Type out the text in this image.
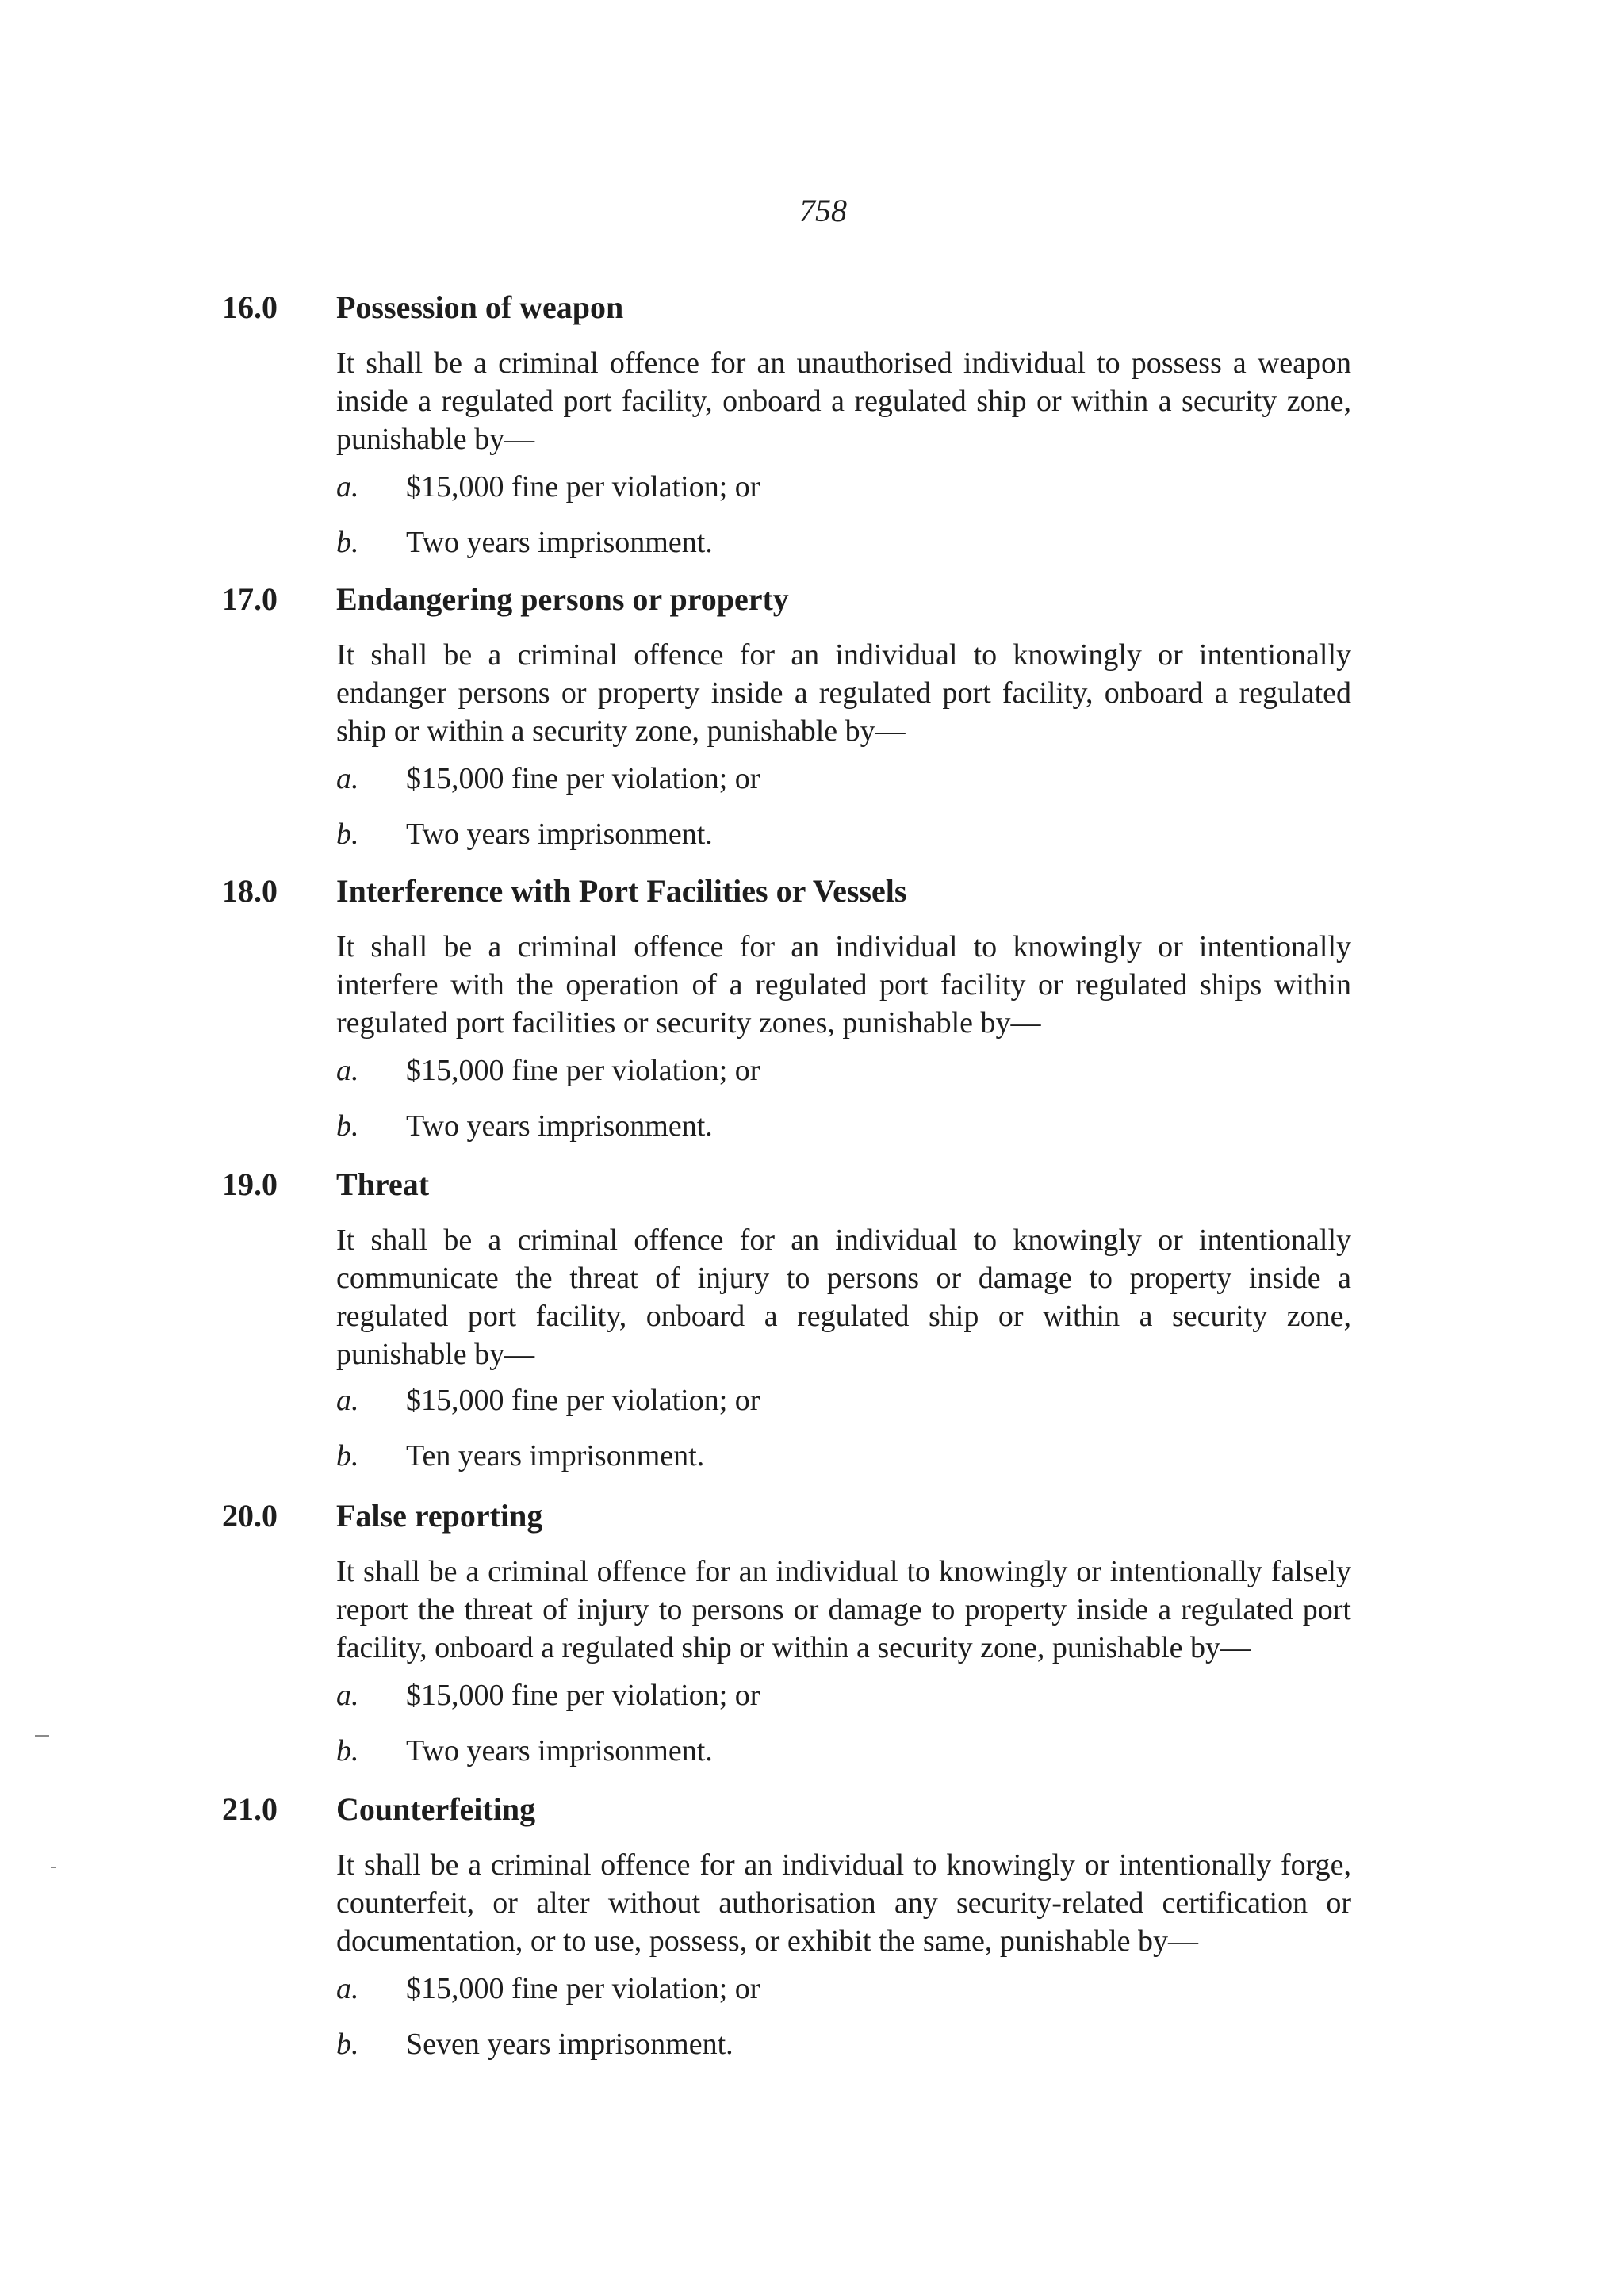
758
16.0 Possession of weapon

It shall be a criminal offence for an unauthorised individual to possess a weapon inside a regulated port facility, onboard a regulated ship or within a security zone, punishable by—

a. $15,000 fine per violation; or
b. Two years imprisonment.
17.0 Endangering persons or property

It shall be a criminal offence for an individual to knowingly or intentionally endanger persons or property inside a regulated port facility, onboard a regulated ship or within a security zone, punishable by—

a. $15,000 fine per violation; or
b. Two years imprisonment.
18.0 Interference with Port Facilities or Vessels

It shall be a criminal offence for an individual to knowingly or intentionally interfere with the operation of a regulated port facility or regulated ships within regulated port facilities or security zones, punishable by—

a. $15,000 fine per violation; or
b. Two years imprisonment.
19.0 Threat

It shall be a criminal offence for an individual to knowingly or intentionally communicate the threat of injury to persons or damage to property inside a regulated port facility, onboard a regulated ship or within a security zone, punishable by—

a. $15,000 fine per violation; or
b. Ten years imprisonment.
20.0 False reporting

It shall be a criminal offence for an individual to knowingly or intentionally falsely report the threat of injury to persons or damage to property inside a regulated port facility, onboard a regulated ship or within a security zone, punishable by—

a. $15,000 fine per violation; or
b. Two years imprisonment.
21.0 Counterfeiting

It shall be a criminal offence for an individual to knowingly or intentionally forge, counterfeit, or alter without authorisation any security-related certification or documentation, or to use, possess, or exhibit the same, punishable by—

a. $15,000 fine per violation; or
b. Seven years imprisonment.
